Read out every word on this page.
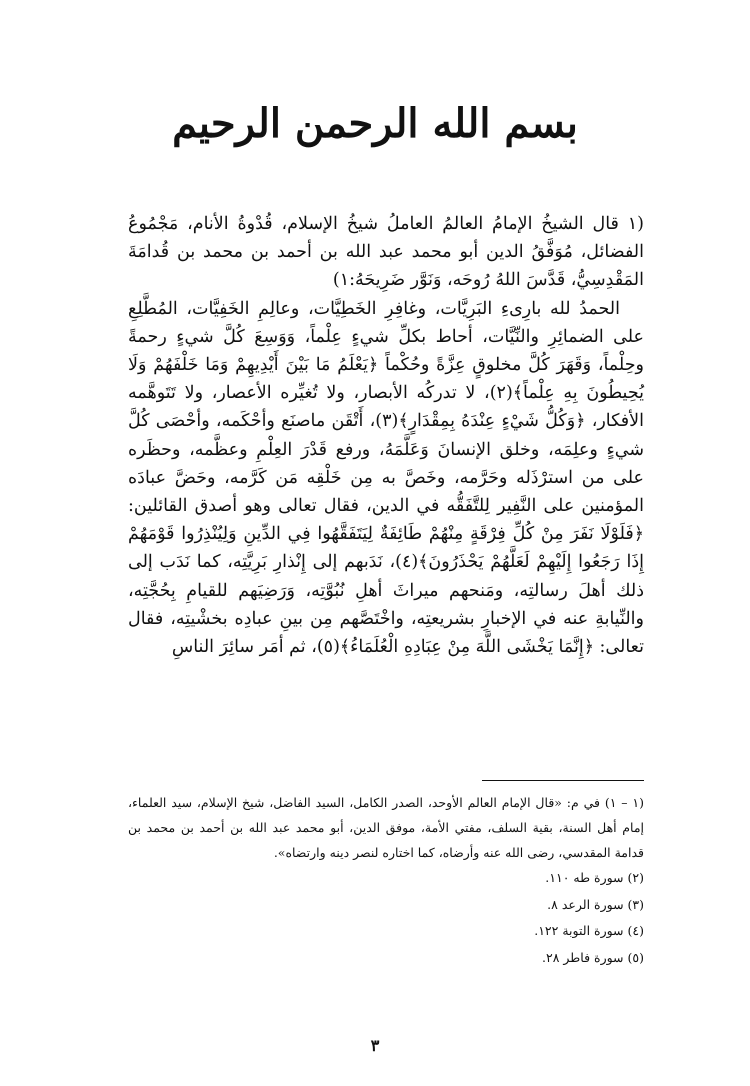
بسم الله الرحمن الرحيم

(١ قال الشيخُ الإمامُ العالمُ العاملُ شيخُ الإسلام، قُدْوةُ الأنام، مَجْمُوعُ الفضائل، مُوَفَّقُ الدين أبو محمد عبد الله بن أحمد بن محمد بن قُدامَةَ المَقْدِسِيُّ، قَدَّسَ اللهُ رُوحَه، وَنَوَّر ضَرِيحَهُ:١)

الحمدُ لله بارِىءِ البَرِيَّات، وغافِرِ الخَطِيَّات، وعالِمِ الخَفِيَّات، المُطَّلِعِ على الضمائِرِ والنِّيَّات، أحاط بكلِّ شيءٍ عِلْماً، وَوَسِعَ كُلَّ شيءٍ رحمةً وحِلْماً، وَقَهَرَ كُلَّ مخلوقٍ عِزَّةً وحُكْماً ﴿يَعْلَمُ مَا بَيْنَ أَيْدِيهِمْ وَمَا خَلْفَهُمْ وَلَا يُحِيطُونَ بِهِ عِلْماً﴾(٢)، لا تدركُه الأبصار، ولا تُغيِّره الأعصار، ولا تَتَوهَّمه الأفكار، ﴿وَكُلُّ شَيْءٍ عِنْدَهُ بِمِقْدَارٍ﴾(٣)، أَتْقَن ماصنَع وأحْكَمه، وأحْصَى كُلَّ شيءٍ وعلِمَه، وخلق الإنسانَ وَعَلَّمَهُ، ورفع قَدْرَ العِلْمِ وعظَّمه، وحظَره على من استرْذَله وحَرَّمه، وخَصَّ به مِن خَلْقِه مَن كَرَّمه، وحَضَّ عبادَه المؤمنين على النَّفِير لِلتَّفَقُّه في الدين، فقال تعالى وهو أصدق القائلين: ﴿فَلَوْلَا نَفَرَ مِنْ كُلِّ فِرْقَةٍ مِنْهُمْ طَائِفَةٌ لِيَتَفَقَّهُوا فِي الدِّينِ وَلِيُنْذِرُوا قَوْمَهُمْ إِذَا رَجَعُوا إِلَيْهِمْ لَعَلَّهُمْ يَحْذَرُونَ﴾(٤)، نَدَبهم إلى إِنْذارِ بَرِيَّتِه، كما نَدَب إلى ذلك أهلَ رسالتِه، ومَنحهم ميراثَ أهلِ نُبُوَّتِه، وَرَضِيَهم للقيامِ بِحُجَّتِه، والنِّيابةِ عنه في الإخبارِ بشريعتِه، واخْتَصَّهم مِن بينِ عبادِه بخشْيتِه، فقال تعالى: ﴿إِنَّمَا يَخْشَى اللَّهَ مِنْ عِبَادِهِ الْعُلَمَاءُ﴾(٥)، ثم أمَر سائِرَ الناسِ

(١ – ١) في م: «قال الإمام العالم الأوحد، الصدر الكامل، السيد الفاضل، شيخ الإسلام، سيد العلماء، إمام أهل السنة، بقية السلف، مفتي الأمة، موفق الدين، أبو محمد عبد الله بن أحمد بن محمد بن قدامة المقدسي، رضى الله عنه وأرضاه، كما اختاره لنصر دينه وارتضاه».

(٢) سورة طه ١١٠.

(٣) سورة الرعد ٨.

(٤) سورة التوبة ١٢٢.

(٥) سورة فاطر ٢٨.

٣
